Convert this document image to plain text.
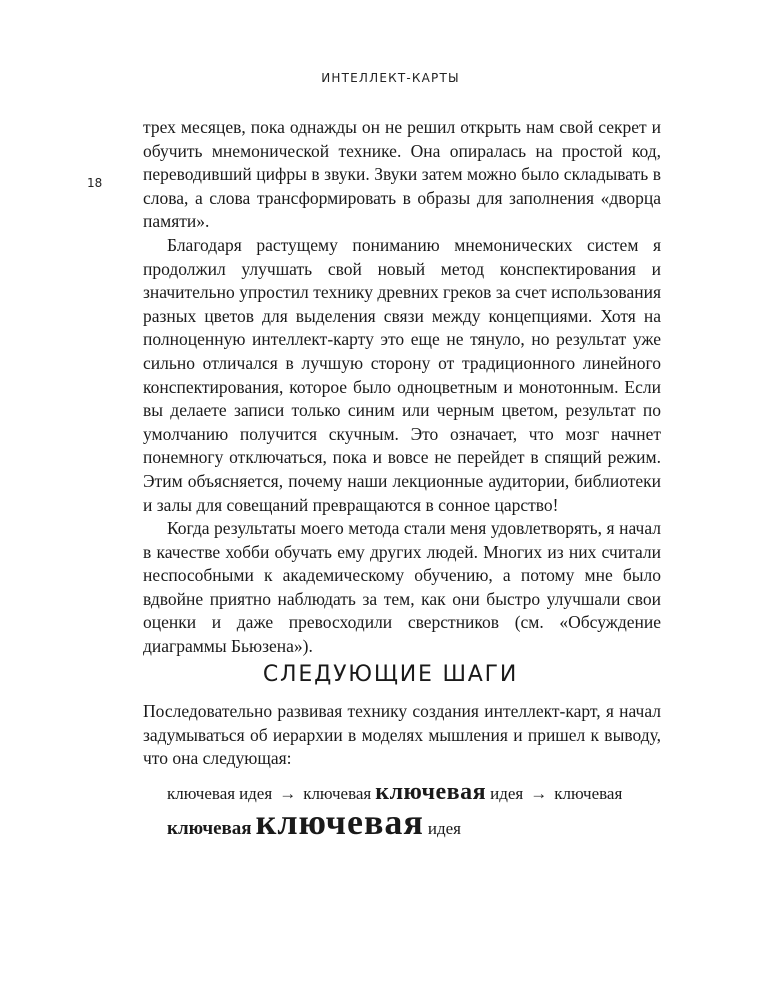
ИНТЕЛЛЕКТ-КАРТЫ
18

трех месяцев, пока однажды он не решил открыть нам свой секрет и обучить мнемонической технике. Она опиралась на простой код, переводивший цифры в звуки. Звуки затем можно было складывать в слова, а слова трансформировать в образы для заполнения «дворца памяти».

Благодаря растущему пониманию мнемонических систем я продолжил улучшать свой новый метод конспектирования и значительно упростил технику древних греков за счет использования разных цветов для выделения связи между концепциями. Хотя на полноценную интеллект-карту это еще не тянуло, но результат уже сильно отличался в лучшую сторону от традиционного линейного конспектирования, которое было одноцветным и монотонным. Если вы делаете записи только синим или черным цветом, результат по умолчанию получится скучным. Это означает, что мозг начнет понемногу отключаться, пока и вовсе не перейдет в спящий режим. Этим объясняется, почему наши лекционные аудитории, библиотеки и залы для совещаний превращаются в сонное царство!

Когда результаты моего метода стали меня удовлетворять, я начал в качестве хобби обучать ему других людей. Многих из них считали неспособными к академическому обучению, а потому мне было вдвойне приятно наблюдать за тем, как они быстро улучшали свои оценки и даже превосходили сверстников (см. «Обсуждение диаграммы Бьюзена»).

СЛЕДУЮЩИЕ ШАГИ

Последовательно развивая технику создания интеллект-карт, я начал задумываться об иерархии в моделях мышления и пришел к выводу, что она следующая:

ключевая идея → ключевая ключевая идея → ключевая
ключевая ключевая идея
